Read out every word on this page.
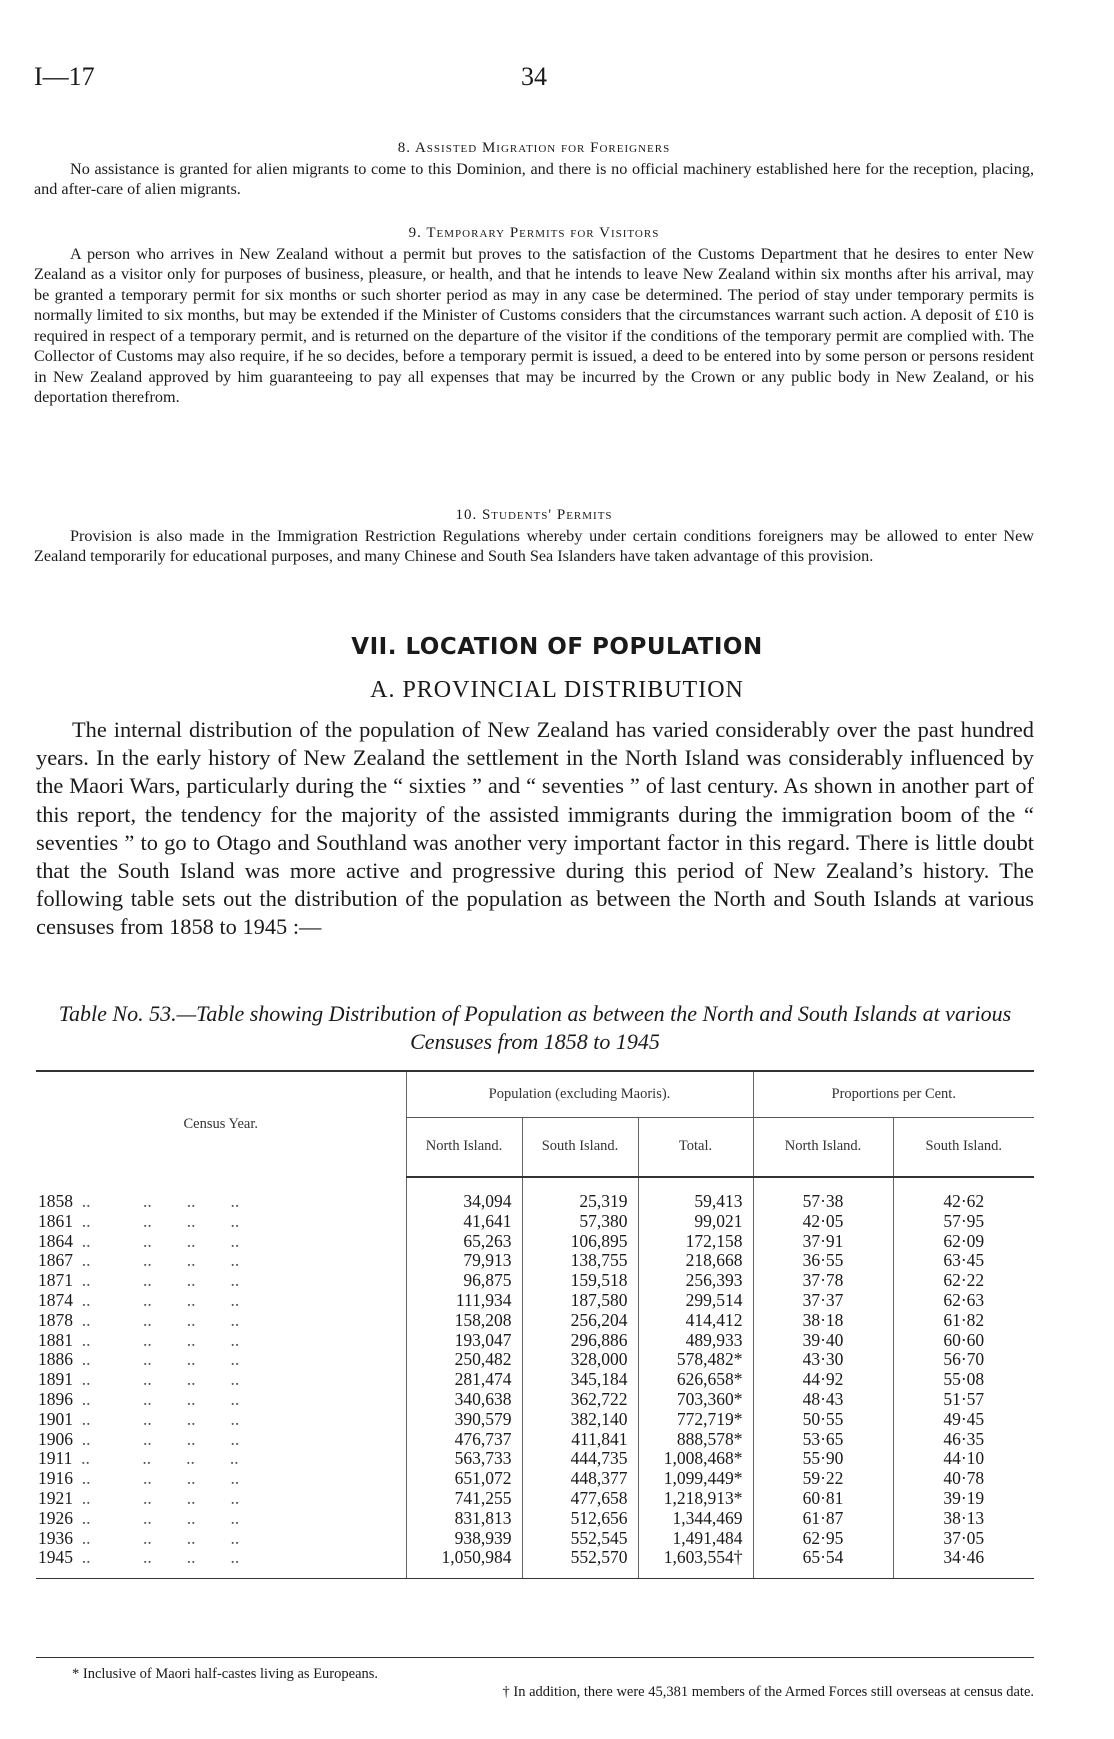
I—17	34
8. Assisted Migration for Foreigners

No assistance is granted for alien migrants to come to this Dominion, and there is no official machinery established here for the reception, placing, and after-care of alien migrants.

9. Temporary Permits for Visitors

A person who arrives in New Zealand without a permit but proves to the satisfaction of the Customs Department that he desires to enter New Zealand as a visitor only for purposes of business, pleasure, or health, and that he intends to leave New Zealand within six months after his arrival, may be granted a temporary permit for six months or such shorter period as may in any case be determined. The period of stay under temporary permits is normally limited to six months, but may be extended if the Minister of Customs considers that the circumstances warrant such action. A deposit of £10 is required in respect of a temporary permit, and is returned on the departure of the visitor if the conditions of the temporary permit are complied with. The Collector of Customs may also require, if he so decides, before a temporary permit is issued, a deed to be entered into by some person or persons resident in New Zealand approved by him guaranteeing to pay all expenses that may be incurred by the Crown or any public body in New Zealand, or his deportation therefrom.

10. Students' Permits

Provision is also made in the Immigration Restriction Regulations whereby under certain conditions foreigners may be allowed to enter New Zealand temporarily for educational purposes, and many Chinese and South Sea Islanders have taken advantage of this provision.

VII. LOCATION OF POPULATION
A. PROVINCIAL DISTRIBUTION

The internal distribution of the population of New Zealand has varied considerably over the past hundred years. In the early history of New Zealand the settlement in the North Island was considerably influenced by the Maori Wars, particularly during the “ sixties ” and “ seventies ” of last century. As shown in another part of this report, the tendency for the majority of the assisted immigrants during the immigration boom of the “ seventies ” to go to Otago and Southland was another very important factor in this regard. There is little doubt that the South Island was more active and progressive during this period of New Zealand’s history. The following table sets out the distribution of the population as between the North and South Islands at various censuses from 1858 to 1945 :—

Table No. 53.—Table showing Distribution of Population as between the North and South Islands at various Censuses from 1858 to 1945
Census Year.	Population (excluding Maoris).			Proportions per Cent.	
	North Island.	South Island.	Total.	North Island.	South Island.
1858  ..            ..        ..        ..	34,094	25,319	59,413	57·38	42·62
1861  ..            ..        ..        ..	41,641	57,380	99,021	42·05	57·95
1864  ..            ..        ..        ..	65,263	106,895	172,158	37·91	62·09
1867  ..            ..        ..        ..	79,913	138,755	218,668	36·55	63·45
1871  ..            ..        ..        ..	96,875	159,518	256,393	37·78	62·22
1874  ..            ..        ..        ..	111,934	187,580	299,514	37·37	62·63
1878  ..            ..        ..        ..	158,208	256,204	414,412	38·18	61·82
1881  ..            ..        ..        ..	193,047	296,886	489,933	39·40	60·60
1886  ..            ..        ..        ..	250,482	328,000	578,482*	43·30	56·70
1891  ..            ..        ..        ..	281,474	345,184	626,658*	44·92	55·08
1896  ..            ..        ..        ..	340,638	362,722	703,360*	48·43	51·57
1901  ..            ..        ..        ..	390,579	382,140	772,719*	50·55	49·45
1906  ..            ..        ..        ..	476,737	411,841	888,578*	53·65	46·35
1911  ..            ..        ..        ..	563,733	444,735	1,008,468*	55·90	44·10
1916  ..            ..        ..        ..	651,072	448,377	1,099,449*	59·22	40·78
1921  ..            ..        ..        ..	741,255	477,658	1,218,913*	60·81	39·19
1926  ..            ..        ..        ..	831,813	512,656	1,344,469	61·87	38·13
1936  ..            ..        ..        ..	938,939	552,545	1,491,484	62·95	37·05
1945  ..            ..        ..        ..	1,050,984	552,570	1,603,554†	65·54	34·46
* Inclusive of Maori half-castes living as Europeans.
† In addition, there were 45,381 members of the Armed Forces still overseas at census date.
